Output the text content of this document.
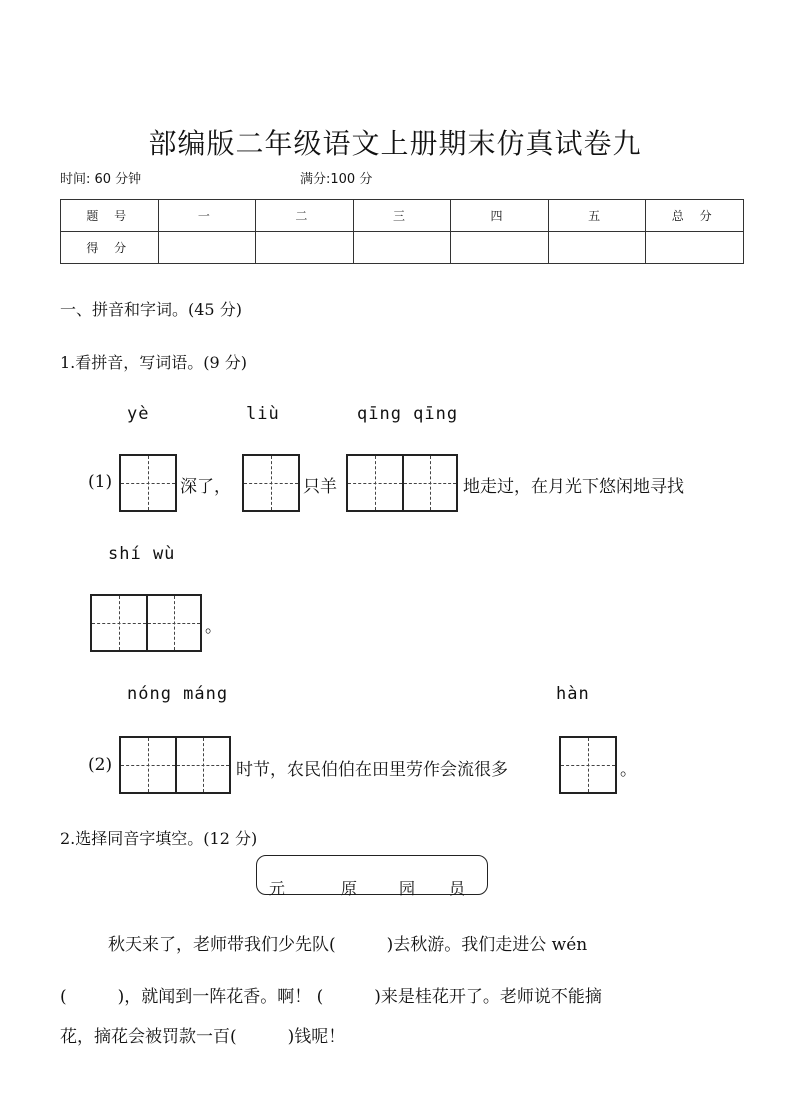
部编版二年级语文上册期末仿真试卷九
时间: 60 分钟	满分:100 分
题 号	一	二	三	四	五	总 分
得 分						
一、拼音和字词。(45 分)
1.看拼音，写词语。(9 分)
yè	liù	qīng qīng
(1)	深了，	只羊	地走过，在月光下悠闲地寻找
shí wù
。
nóng máng	hàn
(2)	时节，农民伯伯在田里劳作会流很多	。
2.选择同音字填空。(12 分)
元	原	园 员
秋天来了，老师带我们少先队(　　　)去秋游。我们走进公 wén
(　　　)，就闻到一阵花香。啊！ (　　　)来是桂花开了。老师说不能摘
花，摘花会被罚款一百(　　　)钱呢！
